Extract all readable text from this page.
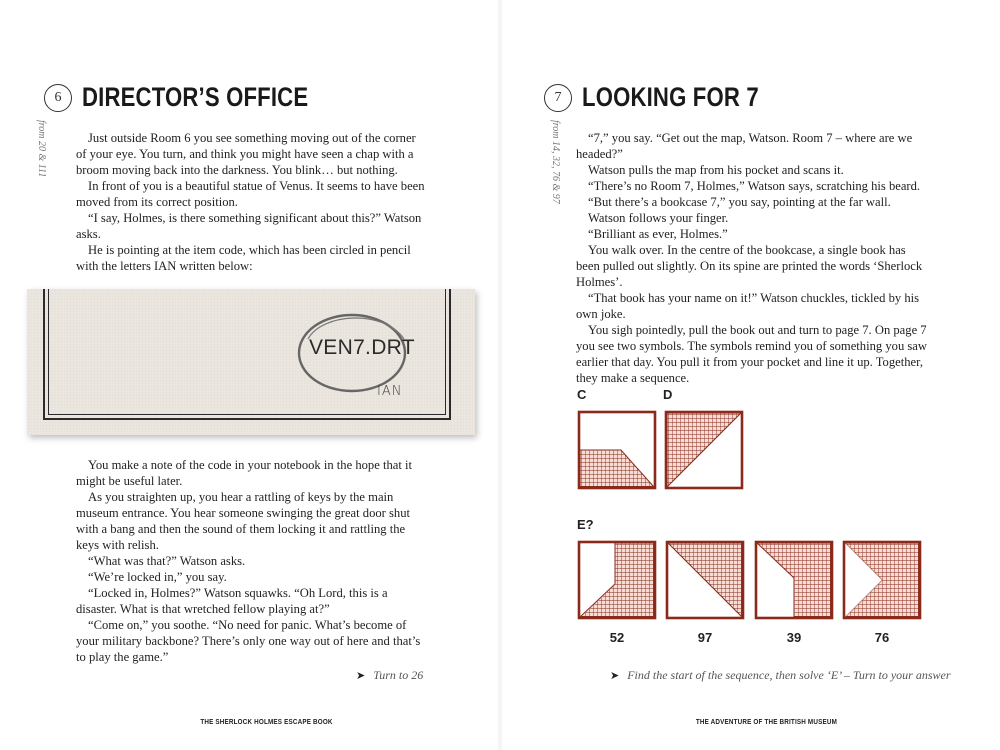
6 DIRECTOR’S OFFICE
from 20 & 111	Just outside Room 6 you see something moving out of the corner of your eye. You turn, and think you might have seen a chap with a broom moving back into the darkness. You blink… but nothing.

In front of you is a beautiful statue of Venus. It seems to have been moved from its correct position.

“I say, Holmes, is there something significant about this?” Watson asks.

He is pointing at the item code, which has been circled in pencil with the letters IAN written below:

VEN7.DRT
IAN

You make a note of the code in your notebook in the hope that it might be useful later.

As you straighten up, you hear a rattling of keys by the main museum entrance. You hear someone swinging the great door shut with a bang and then the sound of them locking it and rattling the keys with relish.

“What was that?” Watson asks.

“We’re locked in,” you say.

“Locked in, Holmes?” Watson squawks. “Oh Lord, this is a disaster. What is that wretched fellow playing at?”

“Come on,” you soothe. “No need for panic. What’s become of your military backbone? There’s only one way out of here and that’s to play the game.”

➤ Turn to 26
THE SHERLOCK HOLMES ESCAPE BOOK
7 LOOKING FOR 7
from 14, 32, 76 & 97	“7,” you say. “Get out the map, Watson. Room 7 – where are we headed?”

Watson pulls the map from his pocket and scans it.

“There’s no Room 7, Holmes,” Watson says, scratching his beard.

“But there’s a bookcase 7,” you say, pointing at the far wall.

Watson follows your finger.

“Brilliant as ever, Holmes.”

You walk over. In the centre of the bookcase, a single book has been pulled out slightly. On its spine are printed the words ‘Sherlock Holmes’.

“That book has your name on it!” Watson chuckles, tickled by his own joke.

You sigh pointedly, pull the book out and turn to page 7. On page 7 you see two symbols. The symbols remind you of something you saw earlier that day. You pull it from your pocket and line it up. Together, they make a sequence.

C	D
E?
52	97	39	76
➤ Find the start of the sequence, then solve ‘E’ – Turn to your answer
THE ADVENTURE OF THE BRITISH MUSEUM
